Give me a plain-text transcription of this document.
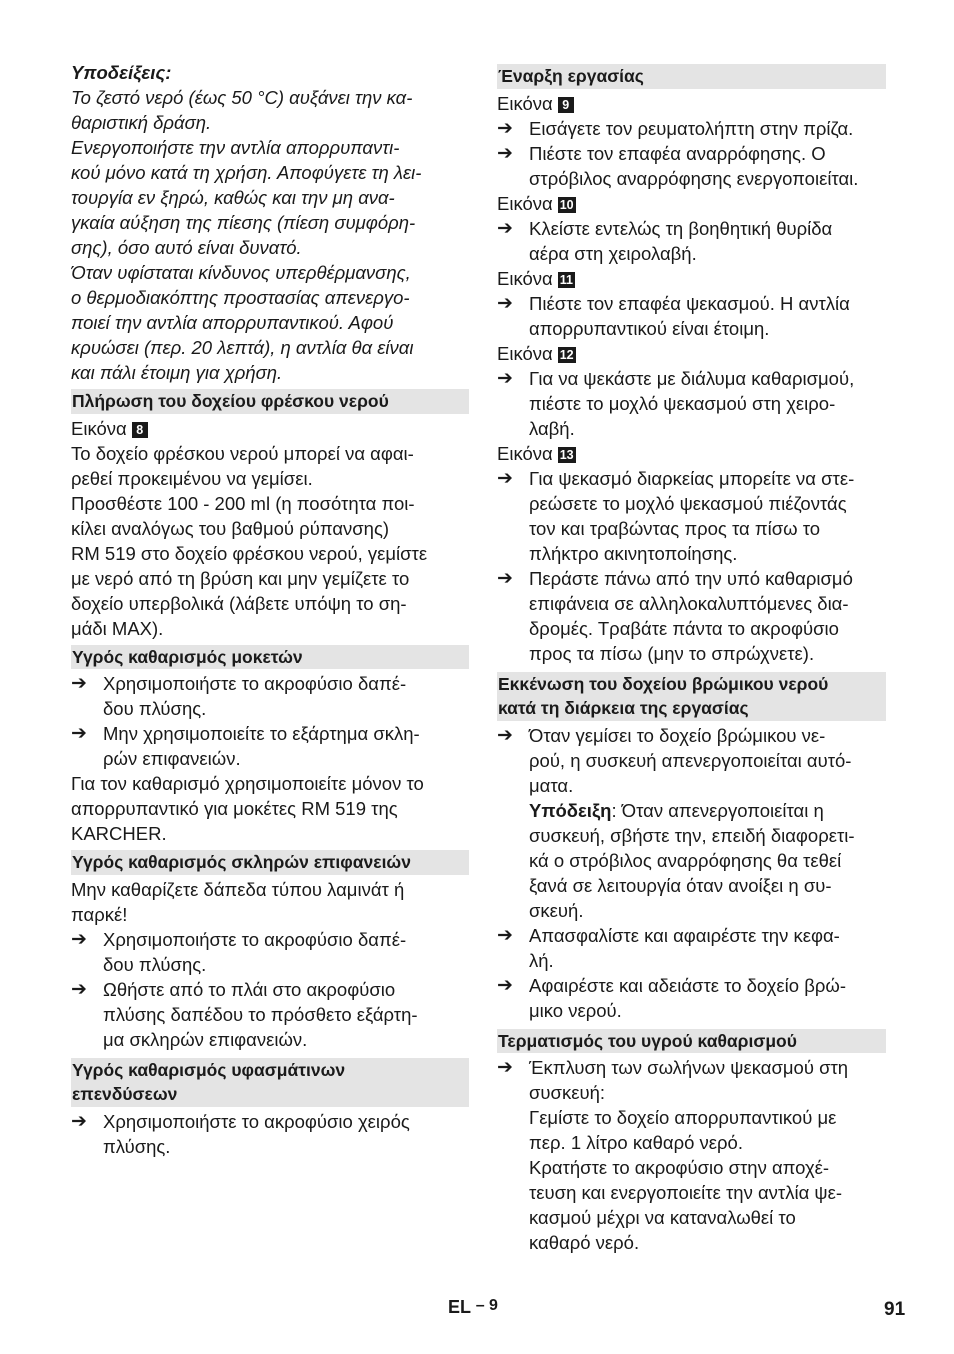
Υποδείξεις:

Το ζεστό νερό (έως 50 °C) αυξάνει την κα-

θαριστική δράση.

Ενεργοποιήστε την αντλία απορρυπαντι-

κού μόνο κατά τη χρήση. Αποφύγετε τη λει-

τουργία εν ξηρώ, καθώς και την μη ανα-

γκαία αύξηση της πίεσης (πίεση συμφόρη-

σης), όσο αυτό είναι δυνατό.

Όταν υφίσταται κίνδυνος υπερθέρμανσης,

ο θερμοδιακόπτης προστασίας απενεργο-

ποιεί την αντλία απορρυπαντικού. Αφού

κρυώσει (περ. 20 λεπτά), η αντλία θα είναι

και πάλι έτοιμη για χρήση.

Πλήρωση του δοχείου φρέσκου νερού

Εικόνα 8

Το δοχείο φρέσκου νερού μπορεί να αφαι-

ρεθεί προκειμένου να γεμίσει.

Προσθέστε 100 - 200 ml (η ποσότητα ποι-

κίλει αναλόγως του βαθμού ρύπανσης)

RM 519 στο δοχείο φρέσκου νερού, γεμίστε

με νερό από τη βρύση και μην γεμίζετε το

δοχείο υπερβολικά (λάβετε υπόψη το ση-

μάδι MAX).

Υγρός καθαρισμός μοκετών
➔ Χρησιμοποιήστε το ακροφύσιο δαπέ-

δου πλύσης.

➔ Μην χρησιμοποιείτε το εξάρτημα σκλη-

ρών επιφανειών.

Για τον καθαρισμό χρησιμοποιείτε μόνον το

απορρυπαντικό για μοκέτες RM 519 της

KARCHER.

Υγρός καθαρισμός σκληρών επιφανειών

Μην καθαρίζετε δάπεδα τύπου λαμινάτ ή

παρκέ!

➔ Χρησιμοποιήστε το ακροφύσιο δαπέ-

δου πλύσης.

➔ Ωθήστε από το πλάι στο ακροφύσιο

πλύσης δαπέδου το πρόσθετο εξάρτη-

μα σκληρών επιφανειών.

Υγρός καθαρισμός υφασμάτινων
επενδύσεων
➔ Χρησιμοποιήστε το ακροφύσιο χειρός

πλύσης.

Έναρξη εργασίας

Εικόνα 9

➔ Εισάγετε τον ρευματολήπτη στην πρίζα.

➔ Πιέστε τον επαφέα αναρρόφησης. Ο

στρόβιλος αναρρόφησης ενεργοποιείται.

Εικόνα 10

➔ Κλείστε εντελώς τη βοηθητική θυρίδα

αέρα στη χειρολαβή.

Εικόνα 11

➔ Πιέστε τον επαφέα ψεκασμού. Η αντλία

απορρυπαντικού είναι έτοιμη.

Εικόνα 12

➔ Για να ψεκάστε με διάλυμα καθαρισμού,

πιέστε το μοχλό ψεκασμού στη χειρο-

λαβή.

Εικόνα 13

➔ Για ψεκασμό διαρκείας μπορείτε να στε-

ρεώσετε το μοχλό ψεκασμού πιέζοντάς

τον και τραβώντας προς τα πίσω το

πλήκτρο ακινητοποίησης.

➔ Περάστε πάνω από την υπό καθαρισμό

επιφάνεια σε αλληλοκαλυπτόμενες δια-

δρομές. Τραβάτε πάντα το ακροφύσιο

προς τα πίσω (μην το σπρώχνετε).

Εκκένωση του δοχείου βρώμικου νερού
κατά τη διάρκεια της εργασίας
➔ Όταν γεμίσει το δοχείο βρώμικου νε-

ρού, η συσκευή απενεργοποιείται αυτό-

ματα.

Υπόδειξη: Όταν απενεργοποιείται η

συσκευή, σβήστε την, επειδή διαφορετι-

κά ο στρόβιλος αναρρόφησης θα τεθεί

ξανά σε λειτουργία όταν ανοίξει η συ-

σκευή.

➔ Απασφαλίστε και αφαιρέστε την κεφα-

λή.

➔ Αφαιρέστε και αδειάστε το δοχείο βρώ-

μικο νερού.

Τερματισμός του υγρού καθαρισμού
➔ Έκπλυση των σωλήνων ψεκασμού στη

συσκευή:

Γεμίστε το δοχείο απορρυπαντικού με

περ. 1 λίτρο καθαρό νερό.

Κρατήστε το ακροφύσιο στην αποχέ-

τευση και ενεργοποιείτε την αντλία ψε-

κασμού μέχρι να καταναλωθεί το

καθαρό νερό.

EL – 9	91
